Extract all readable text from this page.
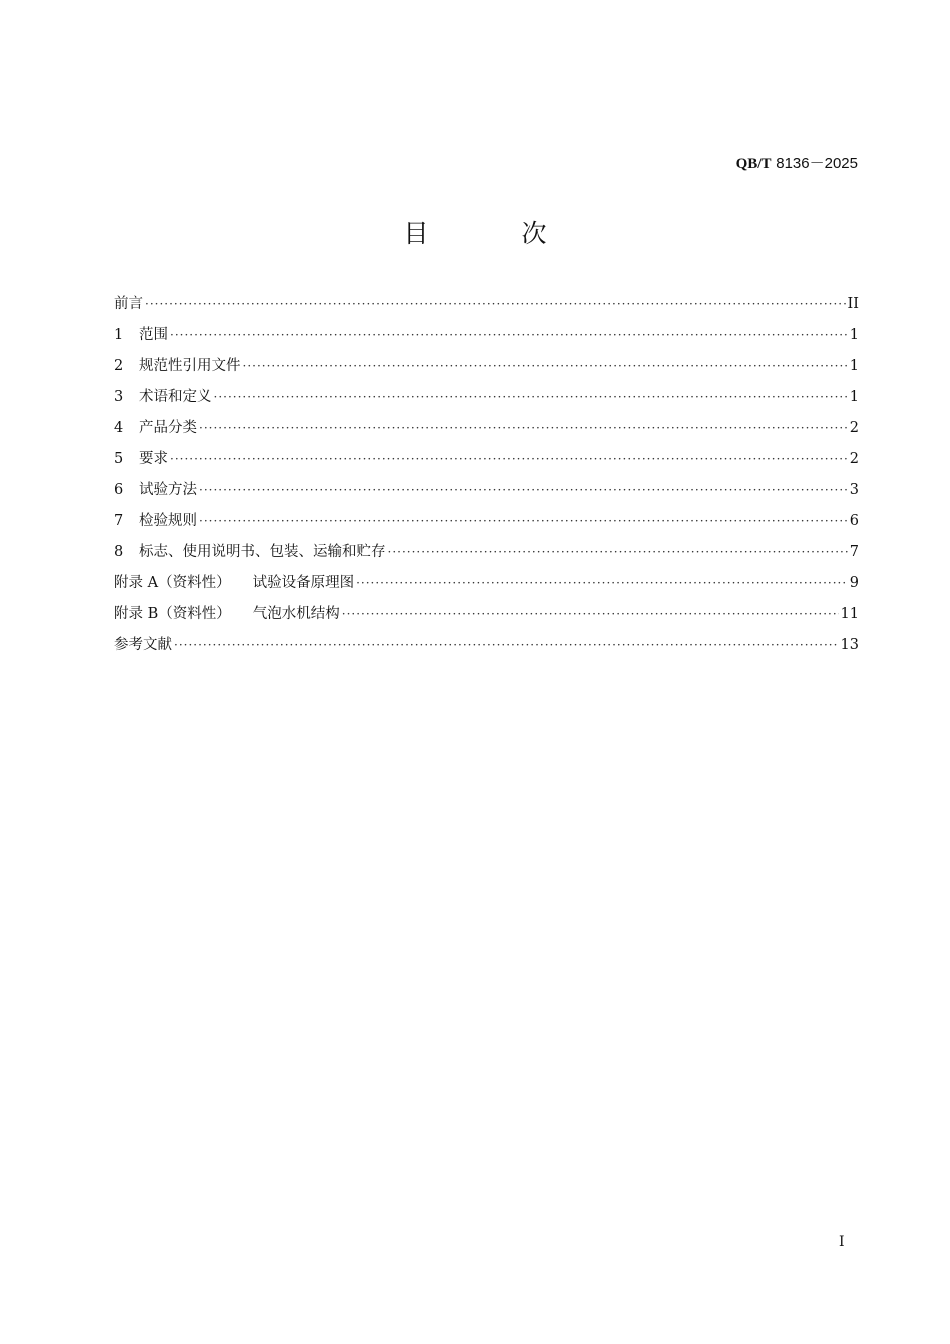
QB/T 8136－2025
目　次
前言 ·····	II
1	范围 ·····	1
2	规范性引用文件 ·····	1
3	术语和定义 ·····	1
4	产品分类 ·····	2
5	要求 ·····	2
6	试验方法 ·····	3
7	检验规则 ·····	6
8	标志、使用说明书、包装、运输和贮存 ·····	7
附录 A（资料性） 试验设备原理图 ·····	9
附录 B（资料性） 气泡水机结构 ·····	11
参考文献 ·····	13
I
